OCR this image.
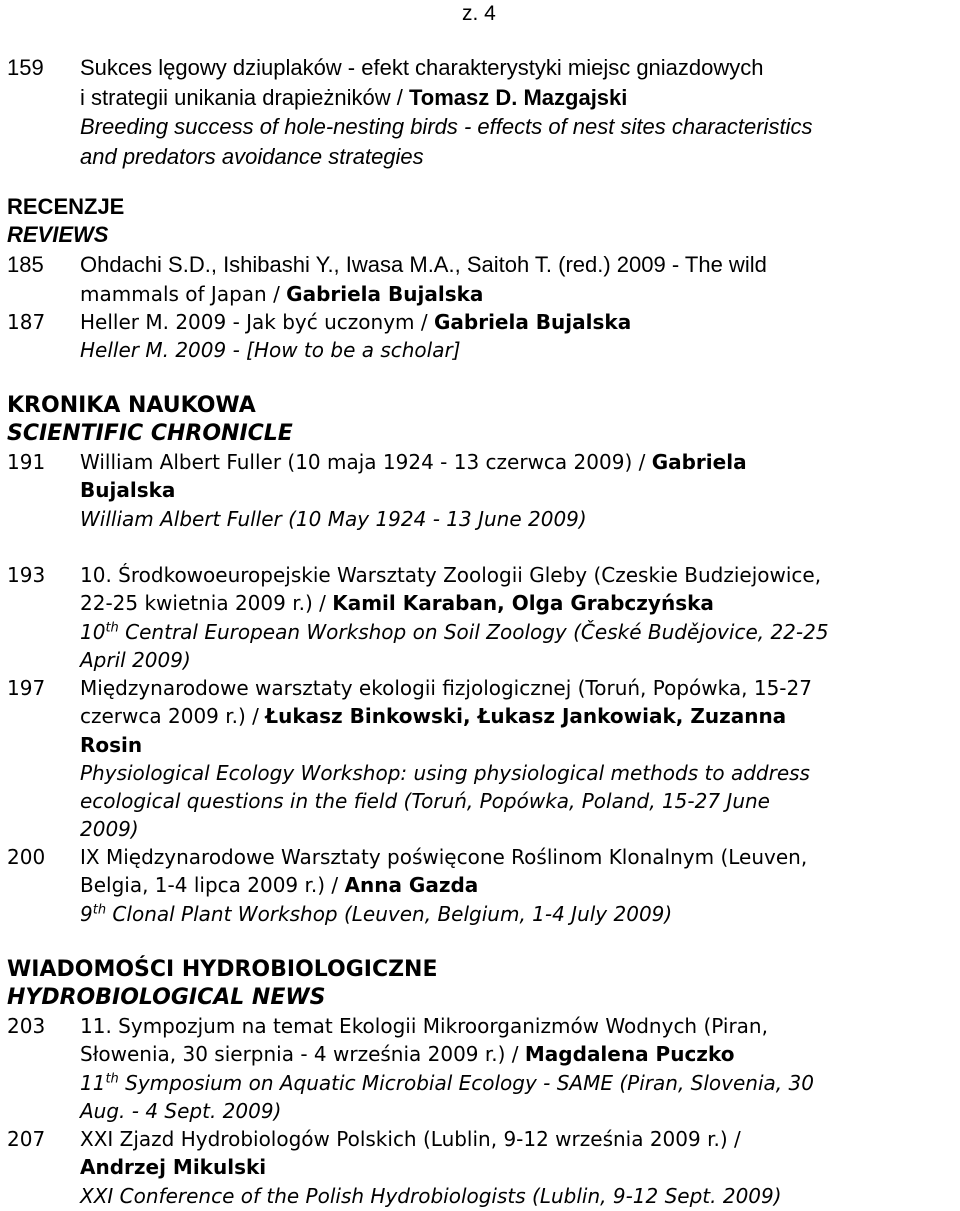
z. 4
159 Sukces lęgowy dziuplaków - efekt charakterystyki miejsc gniazdowych
i strategii unikania drapieżników / Tomasz D. Mazgajski
Breeding success of hole-nesting birds - effects of nest sites characteristics
and predators avoidance strategies
RECENZJE
REVIEWS
185 Ohdachi S.D., Ishibashi Y., Iwasa M.A., Saitoh T. (red.) 2009 - The wild
mammals of Japan / Gabriela Bujalska
187 Heller M. 2009 - Jak być uczonym / Gabriela Bujalska
Heller M. 2009 - [How to be a scholar]
KRONIKA NAUKOWA
SCIENTIFIC CHRONICLE
191 William Albert Fuller (10 maja 1924 - 13 czerwca 2009) / Gabriela
Bujalska
William Albert Fuller (10 May 1924 - 13 June 2009)
193 10. Środkowoeuropejskie Warsztaty Zoologii Gleby (Czeskie Budziejowice,
22-25 kwietnia 2009 r.) / Kamil Karaban, Olga Grabczyńska
10th Central European Workshop on Soil Zoology (České Budějovice, 22-25
April 2009)
197 Międzynarodowe warsztaty ekologii fizjologicznej (Toruń, Popówka, 15-27
czerwca 2009 r.) / Łukasz Binkowski, Łukasz Jankowiak, Zuzanna
Rosin
Physiological Ecology Workshop: using physiological methods to address
ecological questions in the field (Toruń, Popówka, Poland, 15-27 June
2009)
200 IX Międzynarodowe Warsztaty poświęcone Roślinom Klonalnym (Leuven,
Belgia, 1-4 lipca 2009 r.) / Anna Gazda
9th Clonal Plant Workshop (Leuven, Belgium, 1-4 July 2009)
WIADOMOŚCI HYDROBIOLOGICZNE
HYDROBIOLOGICAL NEWS
203 11. Sympozjum na temat Ekologii Mikroorganizmów Wodnych (Piran,
Słowenia, 30 sierpnia - 4 września 2009 r.) / Magdalena Puczko
11th Symposium on Aquatic Microbial Ecology - SAME (Piran, Slovenia, 30
Aug. - 4 Sept. 2009)
207 XXI Zjazd Hydrobiologów Polskich (Lublin, 9-12 września 2009 r.) /
Andrzej Mikulski
XXI Conference of the Polish Hydrobiologists (Lublin, 9-12 Sept. 2009)
